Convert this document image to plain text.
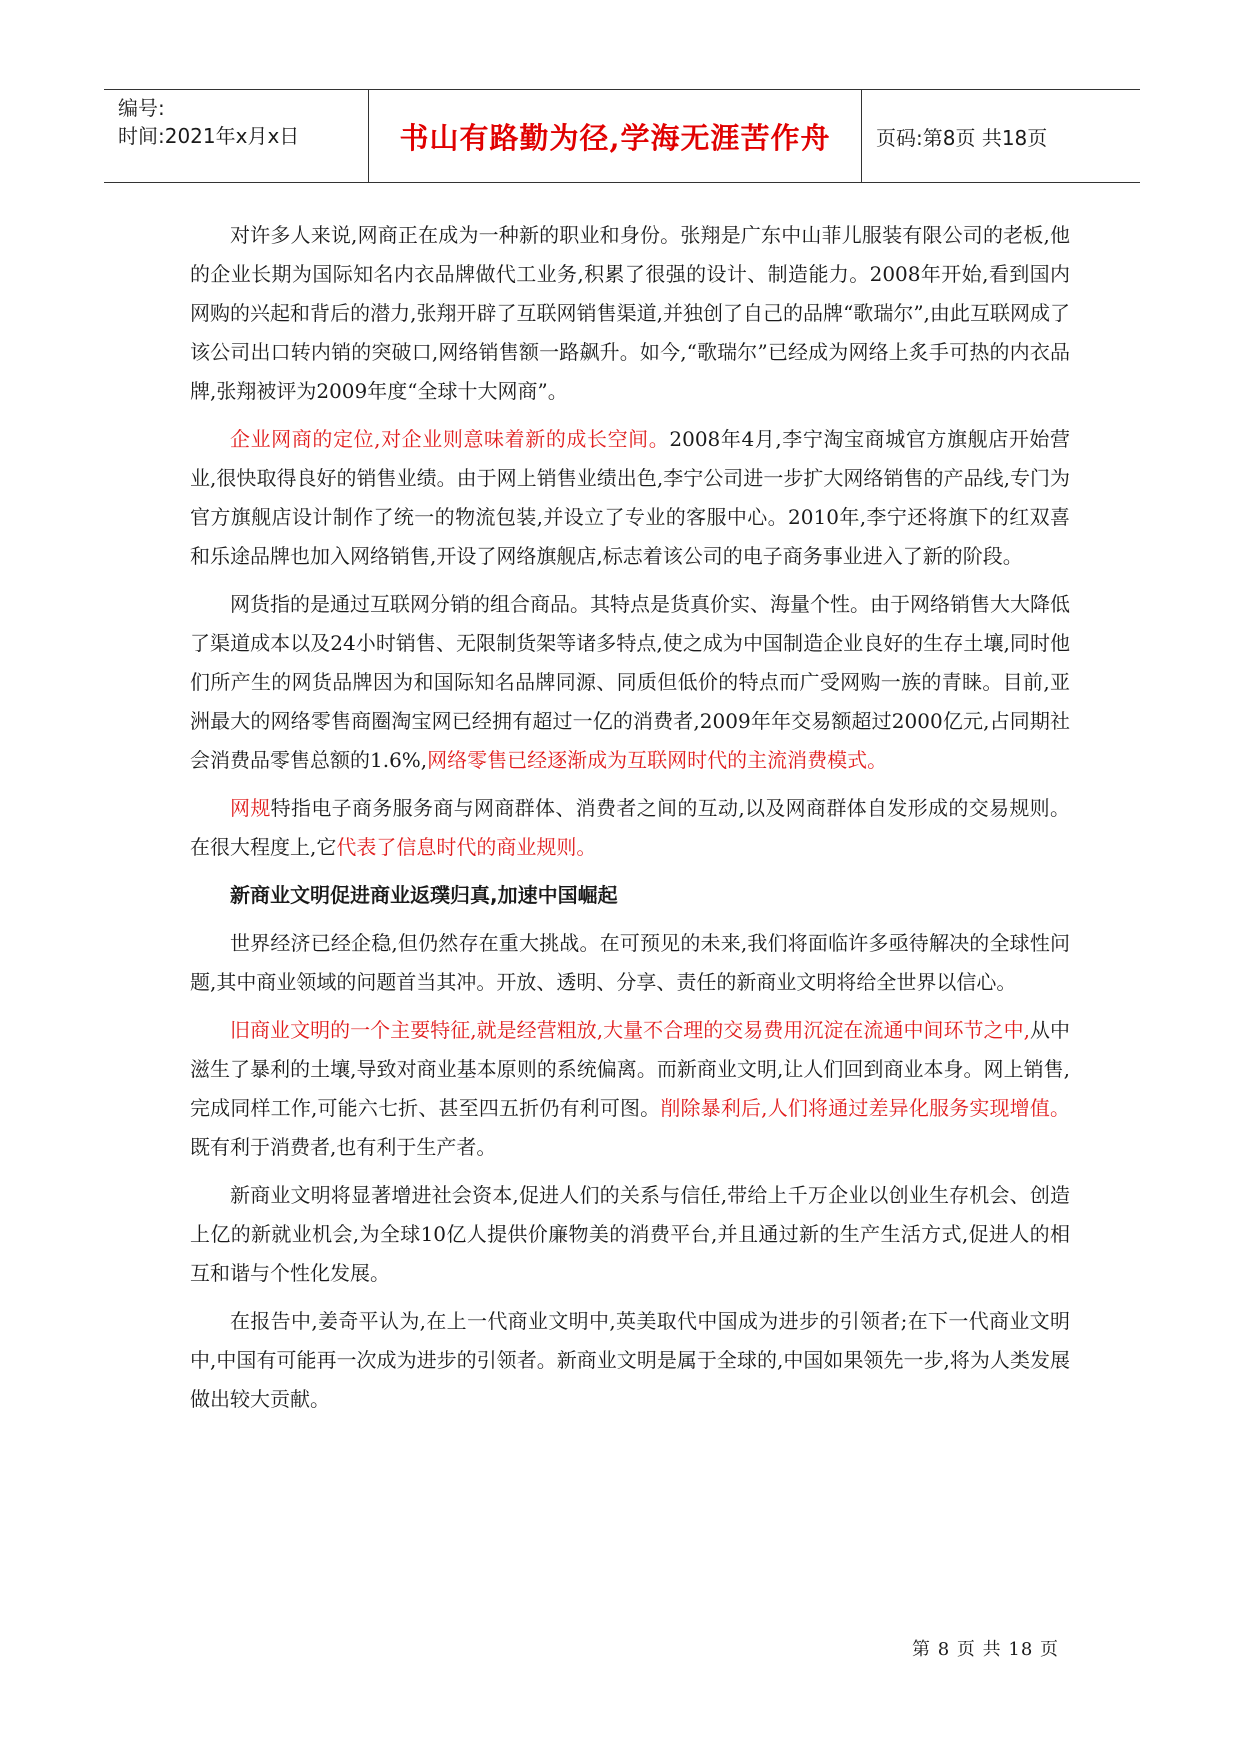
编号:
时间:2021年x月x日	书山有路勤为径,学海无涯苦作舟 页码:第8页 共18页

对许多人来说,网商正在成为一种新的职业和身份。张翔是广东中山菲儿服装有限公司的老板,他的企业长期为国际知名内衣品牌做代工业务,积累了很强的设计、制造能力。2008年开始,看到国内网购的兴起和背后的潜力,张翔开辟了互联网销售渠道,并独创了自己的品牌“歌瑞尔”,由此互联网成了该公司出口转内销的突破口,网络销售额一路飙升。如今,“歌瑞尔”已经成为网络上炙手可热的内衣品牌,张翔被评为2009年度“全球十大网商”。

企业网商的定位,对企业则意味着新的成长空间。2008年4月,李宁淘宝商城官方旗舰店开始营业,很快取得良好的销售业绩。由于网上销售业绩出色,李宁公司进一步扩大网络销售的产品线,专门为官方旗舰店设计制作了统一的物流包装,并设立了专业的客服中心。2010年,李宁还将旗下的红双喜和乐途品牌也加入网络销售,开设了网络旗舰店,标志着该公司的电子商务事业进入了新的阶段。

网货指的是通过互联网分销的组合商品。其特点是货真价实、海量个性。由于网络销售大大降低了渠道成本以及24小时销售、无限制货架等诸多特点,使之成为中国制造企业良好的生存土壤,同时他们所产生的网货品牌因为和国际知名品牌同源、同质但低价的特点而广受网购一族的青睐。目前,亚洲最大的网络零售商圈淘宝网已经拥有超过一亿的消费者,2009年年交易额超过2000亿元,占同期社会消费品零售总额的1.6%,网络零售已经逐渐成为互联网时代的主流消费模式。

网规特指电子商务服务商与网商群体、消费者之间的互动,以及网商群体自发形成的交易规则。在很大程度上,它代表了信息时代的商业规则。

新商业文明促进商业返璞归真,加速中国崛起

世界经济已经企稳,但仍然存在重大挑战。在可预见的未来,我们将面临许多亟待解决的全球性问题,其中商业领域的问题首当其冲。开放、透明、分享、责任的新商业文明将给全世界以信心。

旧商业文明的一个主要特征,就是经营粗放,大量不合理的交易费用沉淀在流通中间环节之中,从中滋生了暴利的土壤,导致对商业基本原则的系统偏离。而新商业文明,让人们回到商业本身。网上销售,完成同样工作,可能六七折、甚至四五折仍有利可图。削除暴利后,人们将通过差异化服务实现增值。既有利于消费者,也有利于生产者。

新商业文明将显著增进社会资本,促进人们的关系与信任,带给上千万企业以创业生存机会、创造上亿的新就业机会,为全球10亿人提供价廉物美的消费平台,并且通过新的生产生活方式,促进人的相互和谐与个性化发展。

在报告中,姜奇平认为,在上一代商业文明中,英美取代中国成为进步的引领者;在下一代商业文明中,中国有可能再一次成为进步的引领者。新商业文明是属于全球的,中国如果领先一步,将为人类发展做出较大贡献。

第 8 页 共 18 页
